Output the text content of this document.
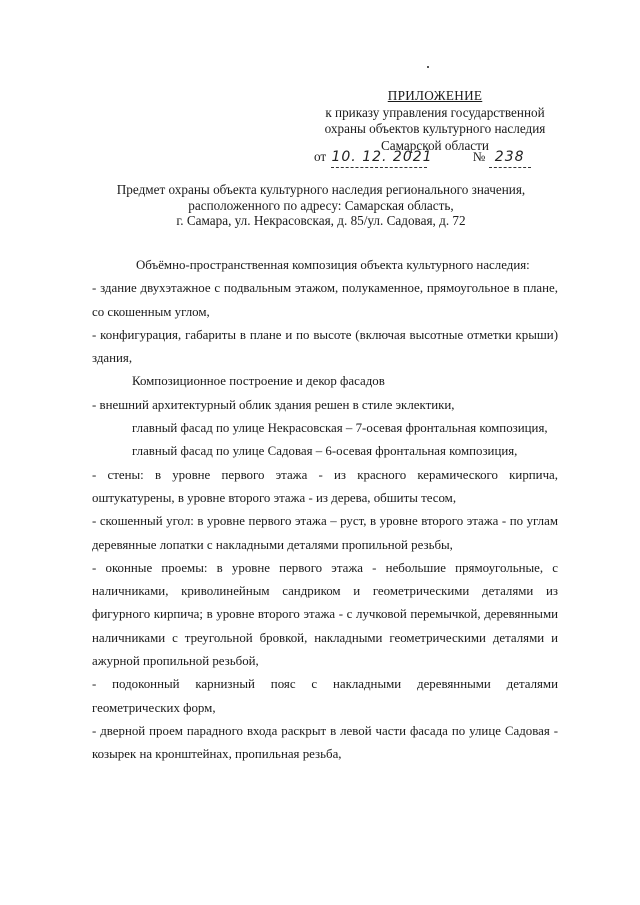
ПРИЛОЖЕНИЕ
к приказу управления государственной
охраны объектов культурного наследия
Самарской области
от 10. 12. 2021	№ 238
Предмет охраны объекта культурного наследия регионального значения,
расположенного по адресу: Самарская область,
г. Самара, ул. Некрасовская, д. 85/ул. Садовая, д. 72

Объёмно-пространственная композиция объекта культурного наследия:

- здание двухэтажное с подвальным этажом, полукаменное, прямоугольное в плане, со скошенным углом,

- конфигурация, габариты в плане и по высоте (включая высотные отметки крыши) здания,

Композиционное построение и декор фасадов

- внешний архитектурный облик здания решен в стиле эклектики,

главный фасад по улице Некрасовская – 7-осевая фронтальная композиция,

главный фасад по улице Садовая – 6-осевая фронтальная композиция,

- стены: в уровне первого этажа - из красного керамического кирпича, оштукатурены, в уровне второго этажа - из дерева, обшиты тесом,

- скошенный угол: в уровне первого этажа – руст, в уровне второго этажа - по углам деревянные лопатки с накладными деталями пропильной резьбы,

- оконные проемы: в уровне первого этажа - небольшие прямоугольные, с наличниками, криволинейным сандриком и геометрическими деталями из фигурного кирпича; в уровне второго этажа - с лучковой перемычкой, деревянными наличниками с треугольной бровкой, накладными геометрическими деталями и ажурной пропильной резьбой,

- подоконный карнизный пояс с накладными деревянными деталями геометрических форм,

- дверной проем парадного входа раскрыт в левой части фасада по улице Садовая - козырек на кронштейнах, пропильная резьба,
